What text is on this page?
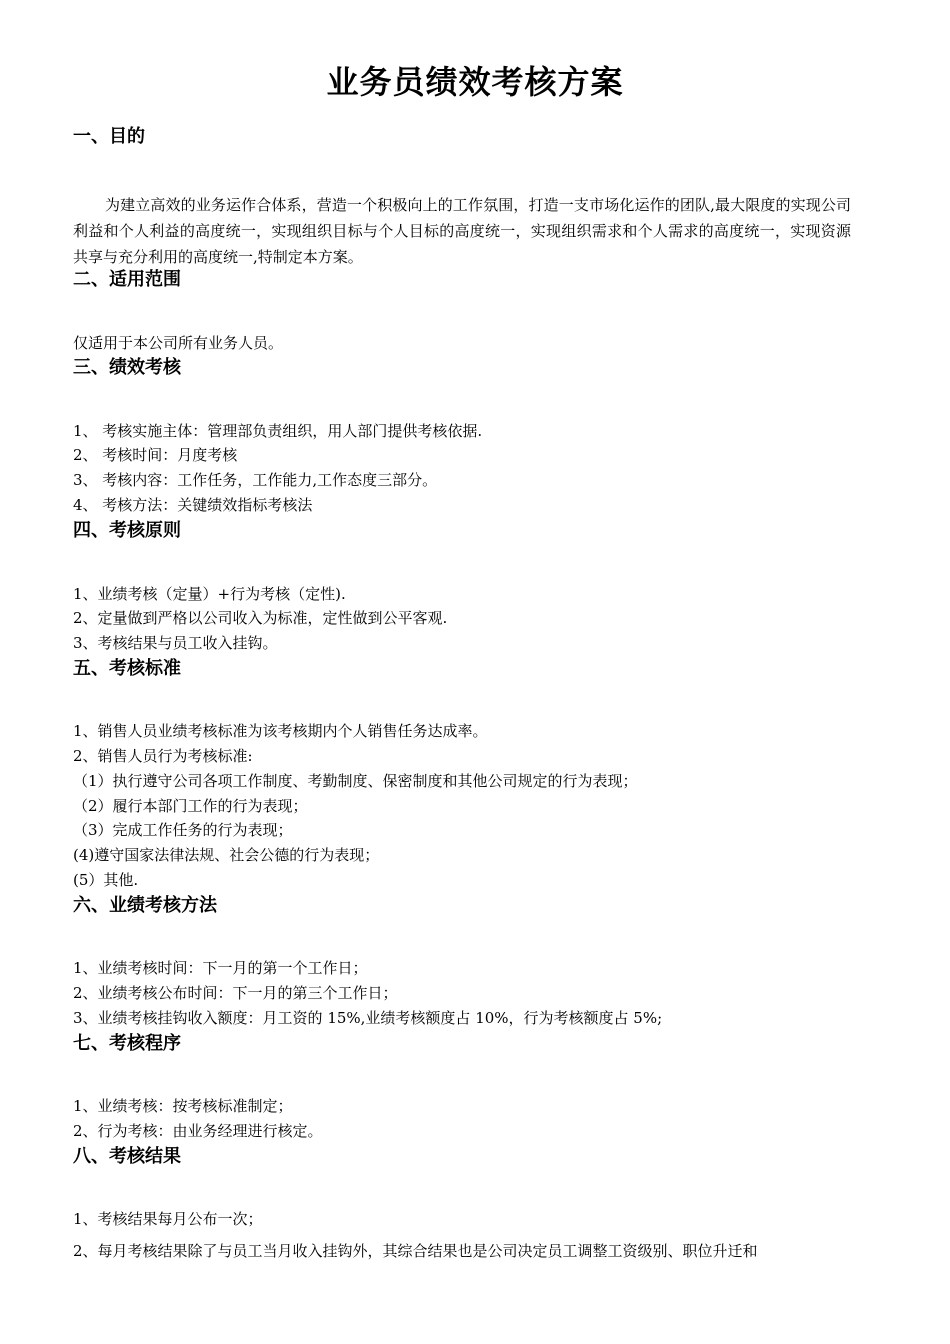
业务员绩效考核方案
一、目的

为建立高效的业务运作合体系，营造一个积极向上的工作氛围，打造一支市场化运作的团队,最大限度的实现公司利益和个人利益的高度统一，实现组织目标与个人目标的高度统一，实现组织需求和个人需求的高度统一，实现资源共享与充分利用的高度统一,特制定本方案。

二、适用范围

仅适用于本公司所有业务人员。

三、绩效考核

1、 考核实施主体：管理部负责组织，用人部门提供考核依据.

2、 考核时间：月度考核

3、 考核内容：工作任务，工作能力,工作态度三部分。

4、 考核方法：关键绩效指标考核法

四、考核原则

1、业绩考核（定量）+行为考核（定性).

2、定量做到严格以公司收入为标准，定性做到公平客观.

3、考核结果与员工收入挂钩。

五、考核标准

1、销售人员业绩考核标准为该考核期内个人销售任务达成率。

2、销售人员行为考核标准:

（1）执行遵守公司各项工作制度、考勤制度、保密制度和其他公司规定的行为表现；

（2）履行本部门工作的行为表现；

（3）完成工作任务的行为表现；

(4)遵守国家法律法规、社会公德的行为表现；

(5）其他.

六、业绩考核方法

1、业绩考核时间：下一月的第一个工作日；

2、业绩考核公布时间：下一月的第三个工作日；

3、业绩考核挂钩收入额度：月工资的 15%,业绩考核额度占 10%，行为考核额度占 5%;

七、考核程序

1、业绩考核：按考核标准制定；

2、行为考核：由业务经理进行核定。

八、考核结果

1、考核结果每月公布一次；

2、每月考核结果除了与员工当月收入挂钩外，其综合结果也是公司决定员工调整工资级别、职位升迁和
